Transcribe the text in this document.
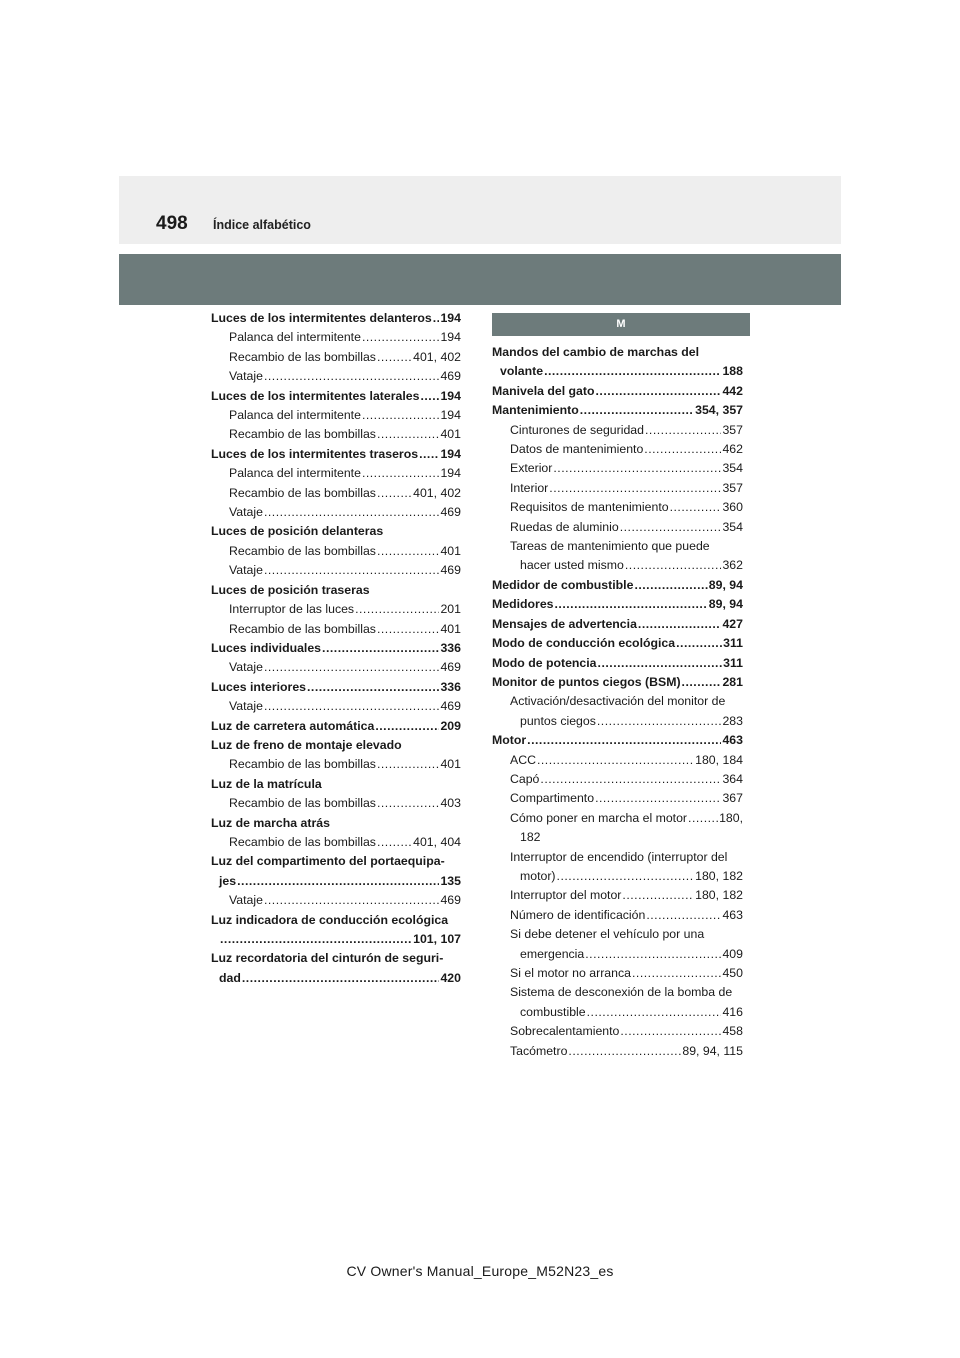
498 Índice alfabético
Luces de los intermitentes delanteros ..... 194
Palanca del intermitente .....	194
Recambio de las bombillas .....	401, 402
Vataje .....	469
Luces de los intermitentes laterales ..... 194
Palanca del intermitente .....	194
Recambio de las bombillas .....	401
Luces de los intermitentes traseros ..... 194
Palanca del intermitente .....	194
Recambio de las bombillas .....	401, 402
Vataje .....	469
Luces de posición delanteras
Recambio de las bombillas .....	401
Vataje .....	469
Luces de posición traseras
Interruptor de las luces .....	201
Recambio de las bombillas .....	401
Luces individuales .....	336
Vataje .....	469
Luces interiores .....	336
Vataje .....	469
Luz de carretera automática .....	209
Luz de freno de montaje elevado
Recambio de las bombillas .....	401
Luz de la matrícula
Recambio de las bombillas .....	403
Luz de marcha atrás
Recambio de las bombillas .....	401, 404
Luz del compartimento del portaequipa-
jes .....	135
Vataje .....	469
Luz indicadora de conducción ecológica
.....
101, 107
Luz recordatoria del cinturón de seguri-
dad .....	420
M
Mandos del cambio de marchas del
volante .....	188
Manivela del gato .....	442
Mantenimiento .....	354, 357
Cinturones de seguridad .....	357
Datos de mantenimiento .....	462
Exterior .....	354
Interior .....	357
Requisitos de mantenimiento .....	360
Ruedas de aluminio .....	354
Tareas de mantenimiento que puede
hacer usted mismo .....	362
Medidor de combustible .....	89, 94
Medidores .....	89, 94
Mensajes de advertencia .....	427
Modo de conducción ecológica .....	311
Modo de potencia .....	311
Monitor de puntos ciegos (BSM) .....	281
Activación/desactivación del monitor de
puntos ciegos .....	283
Motor .....	463
ACC .....	180, 184
Capó .....	364
Compartimento .....	367
Cómo poner en marcha el motor .....	180,
182
Interruptor de encendido (interruptor del
motor) .....	180, 182
Interruptor del motor .....	180, 182
Número de identificación .....	463
Si debe detener el vehículo por una
emergencia .....	409
Si el motor no arranca .....	450
Sistema de desconexión de la bomba de
combustible .....	416
Sobrecalentamiento .....	458
Tacómetro .....	89, 94, 115
CV Owner's Manual_Europe_M52N23_es
